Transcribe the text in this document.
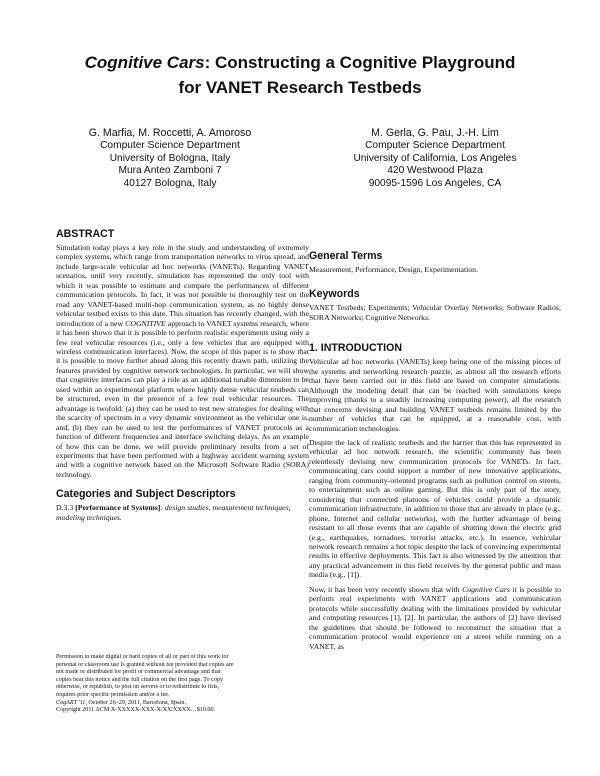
Cognitive Cars: Constructing a Cognitive Playground
for VANET Research Testbeds
G. Marfia, M. Roccetti, A. Amoroso
Computer Science Department
University of Bologna, Italy
Mura Anteo Zamboni 7
40127 Bologna, Italy
M. Gerla, G. Pau, J.-H. Lim
Computer Science Department
University of California, Los Angeles
420 Westwood Plaza
90095-1596 Los Angeles, CA
ABSTRACT

Simulation today plays a key role in the study and understanding of extremely complex systems, which range from transportation networks to virus spread, and include large-scale vehicular ad hoc networks (VANETs). Regarding VANET scenarios, until very recently, simulation has represented the only tool with which it was possible to estimate and compare the performances of different communication protocols. In fact, it was not possible to thoroughly test on the road any VANET-based multi-hop communication system, as no highly dense vehicular testbed exists to this date. This situation has recently changed, with the introduction of a new COGNITIVE approach to VANET systems research, where it has been shown that it is possible to perform realistic experiments using only a few real vehicular resources (i.e., only a few vehicles that are equipped with wireless communication interfaces). Now, the scope of this paper is to show that it is possible to move further ahead along this recently drawn path, utilizing the features provided by cognitive network technologies. In particular, we will show that cognitive interfaces can play a role as an additional tunable dimension to be used within an experimental platform where highly dense vehicular testbeds can be structured, even in the presence of a few real vehicular resources. The advantage is twofold: (a) they can be used to test new strategies for dealing with the scarcity of spectrum in a very dynamic environment as the vehicular one is, and, (b) they can be used to test the performances of VANET protocols as a function of different frequencies and interface switching delays. As an example of how this can be done, we will provide preliminary results from a set of experiments that have been performed with a highway accident warning system and with a cognitive network based on the Microsoft Software Radio (SORA) technology.

Categories and Subject Descriptors

D.3.3 [Performance of Systems]: design studies, measurement techniques, modeling techniques.

Permission to make digital or hard copies of all or part of this work for
personal or classroom use is granted without fee provided that copies are
not made or distributed for profit or commercial advantage and that
copies bear this notice and the full citation on the first page. To copy
otherwise, or republish, to post on servers or to redistribute to lists,
requires prior specific permission and/or a fee.
CogART '11, October 26–29, 2011, Barcelona, Spain.
Copyright 2011 ACM X-XXXXX-XXX-X/XX/XXXX…$10.00.
General Terms

Measurement, Performance, Design, Experimentation.

Keywords

VANET Testbeds; Experiments; Vehicular Overlay Networks; Software Radios; SORA Networks; Cognitive Networks.

1. INTRODUCTION

Vehicular ad hoc networks (VANETs) keep being one of the missing pieces of the systems and networking research puzzle, as almost all the research efforts that have been carried out in this field are based on computer simulations. Although the modeling detail that can be reached with simulations keeps improving (thanks to a steadily increasing computing power), all the research that concerns devising and building VANET testbeds remains limited by the number of vehicles that can be equipped, at a reasonable cost, with communication technologies.

Despite the lack of realistic testbeds and the barrier that this has represented in vehicular ad hoc network research, the scientific community has been relentlessly devising new communication protocols for VANETs. In fact, communicating cars could support a number of new innovative applications, ranging from community-oriented programs such as pollution control on streets, to entertainment such as online gaming. But this is only part of the story, considering that connected platoons of vehicles could provide a dynamic communication infrastructure, in addition to those that are already in place (e.g., phone, Internet and cellular networks), with the further advantage of being resistant to all those events that are capable of shutting down the electric grid (e.g., earthquakes, tornadoes, terrorist attacks, etc.). In essence, vehicular network research remains a hot topic despite the lack of convincing experimental results in effective deployments. This fact is also witnessed by the attention that any practical advancement in this field receives by the general public and mass media (e.g., [1]).

Now, it has been very recently shown that with Cognitive Cars it is possible to perform real experiments with VANET applications and communication protocols while successfully dealing with the limitations provided by vehicular and computing resources [1], [2]. In particular, the authors of [2] have devised the guidelines that should be followed to reconstruct the situation that a communication protocol would experience on a street while running on a VANET, as
